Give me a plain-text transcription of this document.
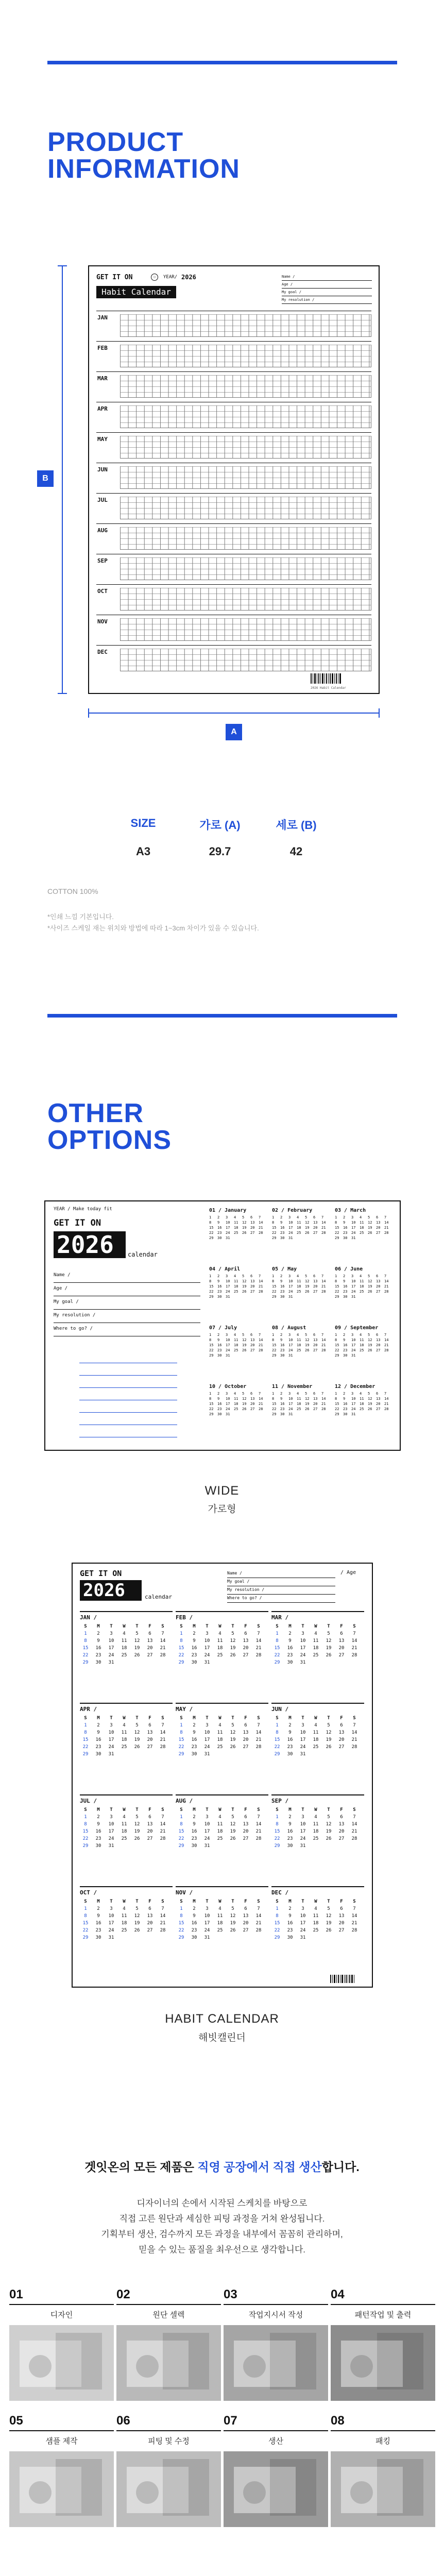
PRODUCT
INFORMATION
B
GET IT ON	◦	YEAR/ 2026
Habit Calendar
Name /
Age /
My goal /
My resolution /
JAN
FEB
MAR
APR
MAY
JUN
JUL
AUG
SEP
OCT
NOV
DEC
2026 Habit Calendar
A
SIZE	가로 (A)	세로 (B)
A3	29.7	42
COTTON 100%
*인쇄 느낌 기본입니다.
*사이즈 스케일 재는 위치와 방법에 따라 1~3cm 차이가 있을 수 있습니다.
OTHER
OPTIONS
YEAR / Make today fit
GET IT ON
2026	calendar
Name /
Age /
My goal /
My resolution /
Where to go? /
01 / January
1	2	3	4	5	6	7
8	9	10	11	12	13	14
15	16	17	18	19	20	21
22	23	24	25	26	27	28
29	30	31
02 / February
1	2	3	4	5	6	7
8	9	10	11	12	13	14
15	16	17	18	19	20	21
22	23	24	25	26	27	28
29	30	31
03 / March
1	2	3	4	5	6	7
8	9	10	11	12	13	14
15	16	17	18	19	20	21
22	23	24	25	26	27	28
29	30	31
04 / April
1	2	3	4	5	6	7
8	9	10	11	12	13	14
15	16	17	18	19	20	21
22	23	24	25	26	27	28
29	30	31
05 / May
1	2	3	4	5	6	7
8	9	10	11	12	13	14
15	16	17	18	19	20	21
22	23	24	25	26	27	28
29	30	31
06 / June
1	2	3	4	5	6	7
8	9	10	11	12	13	14
15	16	17	18	19	20	21
22	23	24	25	26	27	28
29	30	31
07 / July
1	2	3	4	5	6	7
8	9	10	11	12	13	14
15	16	17	18	19	20	21
22	23	24	25	26	27	28
29	30	31
08 / August
1	2	3	4	5	6	7
8	9	10	11	12	13	14
15	16	17	18	19	20	21
22	23	24	25	26	27	28
29	30	31
09 / September
1	2	3	4	5	6	7
8	9	10	11	12	13	14
15	16	17	18	19	20	21
22	23	24	25	26	27	28
29	30	31
10 / October
1	2	3	4	5	6	7
8	9	10	11	12	13	14
15	16	17	18	19	20	21
22	23	24	25	26	27	28
29	30	31
11 / November
1	2	3	4	5	6	7
8	9	10	11	12	13	14
15	16	17	18	19	20	21
22	23	24	25	26	27	28
29	30	31
12 / December
1	2	3	4	5	6	7
8	9	10	11	12	13	14
15	16	17	18	19	20	21
22	23	24	25	26	27	28
29	30	31
WIDE
가로형
GET IT ON
2026	calendar
/ Age
Name /
My goal /
My resolution /
Where to go? /
JAN /
S	M	T	W	T	F	S
1	2	3	4	5	6	7
8	9	10	11	12	13	14
15	16	17	18	19	20	21
22	23	24	25	26	27	28
29	30	31
FEB /
S	M	T	W	T	F	S
1	2	3	4	5	6	7
8	9	10	11	12	13	14
15	16	17	18	19	20	21
22	23	24	25	26	27	28
29	30	31
MAR /
S	M	T	W	T	F	S
1	2	3	4	5	6	7
8	9	10	11	12	13	14
15	16	17	18	19	20	21
22	23	24	25	26	27	28
29	30	31
APR /
S	M	T	W	T	F	S
1	2	3	4	5	6	7
8	9	10	11	12	13	14
15	16	17	18	19	20	21
22	23	24	25	26	27	28
29	30	31
MAY /
S	M	T	W	T	F	S
1	2	3	4	5	6	7
8	9	10	11	12	13	14
15	16	17	18	19	20	21
22	23	24	25	26	27	28
29	30	31
JUN /
S	M	T	W	T	F	S
1	2	3	4	5	6	7
8	9	10	11	12	13	14
15	16	17	18	19	20	21
22	23	24	25	26	27	28
29	30	31
JUL /
S	M	T	W	T	F	S
1	2	3	4	5	6	7
8	9	10	11	12	13	14
15	16	17	18	19	20	21
22	23	24	25	26	27	28
29	30	31
AUG /
S	M	T	W	T	F	S
1	2	3	4	5	6	7
8	9	10	11	12	13	14
15	16	17	18	19	20	21
22	23	24	25	26	27	28
29	30	31
SEP /
S	M	T	W	T	F	S
1	2	3	4	5	6	7
8	9	10	11	12	13	14
15	16	17	18	19	20	21
22	23	24	25	26	27	28
29	30	31
OCT /
S	M	T	W	T	F	S
1	2	3	4	5	6	7
8	9	10	11	12	13	14
15	16	17	18	19	20	21
22	23	24	25	26	27	28
29	30	31
NOV /
S	M	T	W	T	F	S
1	2	3	4	5	6	7
8	9	10	11	12	13	14
15	16	17	18	19	20	21
22	23	24	25	26	27	28
29	30	31
DEC /
S	M	T	W	T	F	S
1	2	3	4	5	6	7
8	9	10	11	12	13	14
15	16	17	18	19	20	21
22	23	24	25	26	27	28
29	30	31
HABIT CALENDAR
해빗캘린더
겟잇온의 모든 제품은 직영 공장에서 직접 생산합니다.
디자이너의 손에서 시작된 스케치를 바탕으로
직접 고른 원단과 세심한 피팅 과정을 거쳐 완성됩니다.
기획부터 생산, 검수까지 모든 과정을 내부에서 꼼꼼히 관리하며,
믿을 수 있는 품질을 최우선으로 생각합니다.
01
디자인
02
원단 셀렉
03
작업지시서 작성
04
패턴작업 및 출력
05
샘플 제작
06
피팅 및 수정
07
생산
08
패킹
